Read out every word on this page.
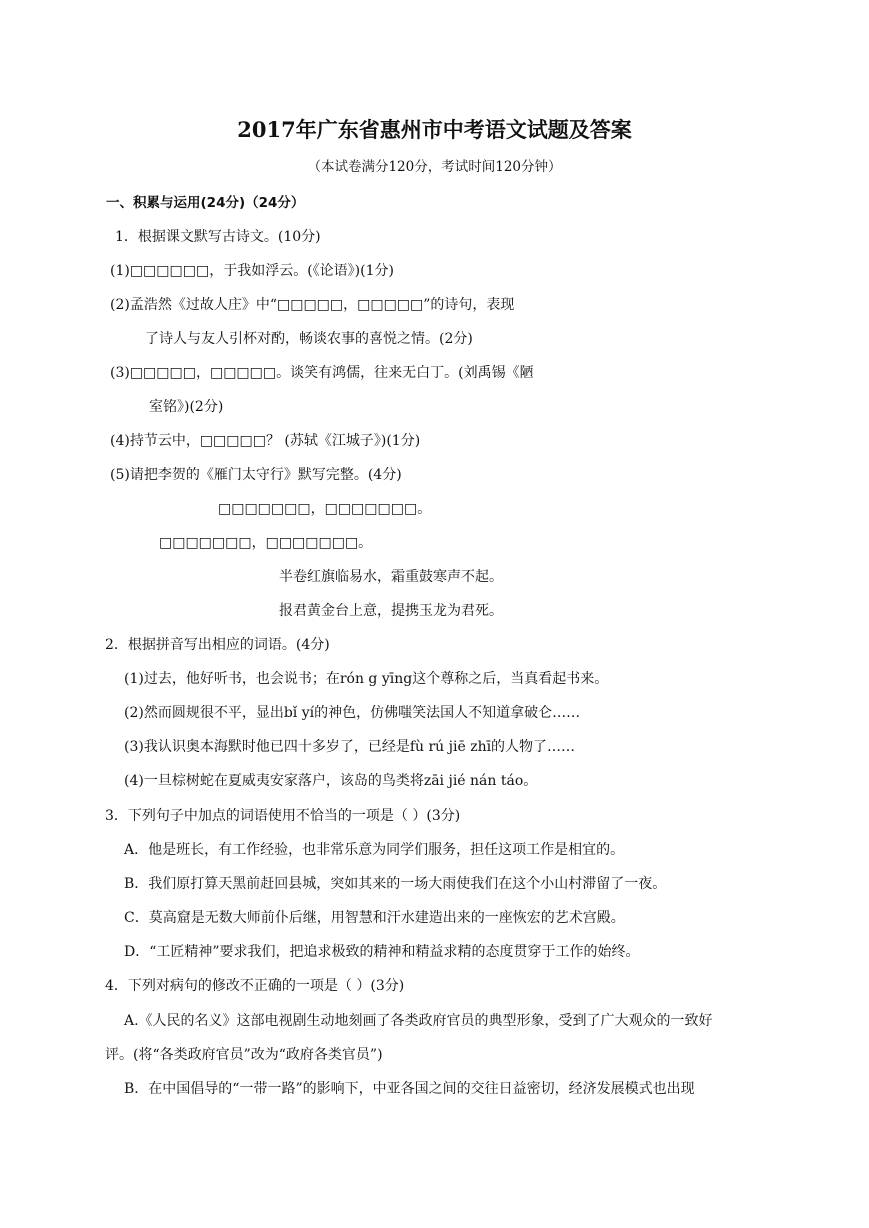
2017年广东省惠州市中考语文试题及答案
（本试卷满分120分，考试时间120分钟）
一、积累与运用(24分)（24分）
1．根据课文默写古诗文。(10分)
(1)□□□□□□，于我如浮云。(《论语》)(1分)
(2)孟浩然《过故人庄》中“□□□□□，□□□□□”的诗句，表现
了诗人与友人引杯对酌，畅谈农事的喜悦之情。(2分)
(3)□□□□□，□□□□□。谈笑有鸿儒，往来无白丁。(刘禹锡《陋
室铭》)(2分)
(4)持节云中，□□□□□？ (苏轼《江城子》)(1分)
(5)请把李贺的《雁门太守行》默写完整。(4分)
□□□□□□□，□□□□□□□。
□□□□□□□，□□□□□□□。
半卷红旗临易水，霜重鼓寒声不起。
报君黄金台上意，提携玉龙为君死。
2．根据拼音写出相应的词语。(4分)
(1)过去，他好听书，也会说书；在rón g yīng这个尊称之后，当真看起书来。
(2)然而圆规很不平，显出bǐ yí的神色，仿佛嗤笑法国人不知道拿破仑……
(3)我认识奥本海默时他已四十多岁了，已经是fù rú jiē zhī的人物了……
(4)一旦棕树蛇在夏威夷安家落户，该岛的鸟类将zāi jié nán táo。
3．下列句子中加点的词语使用不恰当的一项是（ ）(3分)
A．他是班长，有工作经验，也非常乐意为同学们服务，担任这项工作是相宜的。
B．我们原打算天黑前赶回县城，突如其来的一场大雨使我们在这个小山村滞留了一夜。
C．莫高窟是无数大师前仆后继，用智慧和汗水建造出来的一座恢宏的艺术宫殿。
D．“工匠精神”要求我们，把追求极致的精神和精益求精的态度贯穿于工作的始终。
4．下列对病句的修改不正确的一项是（ ）(3分)
A.《人民的名义》这部电视剧生动地刻画了各类政府官员的典型形象，受到了广大观众的一致好
评。(将“各类政府官员”改为“政府各类官员”)
B．在中国倡导的“一带一路”的影响下，中亚各国之间的交往日益密切，经济发展模式也出现
